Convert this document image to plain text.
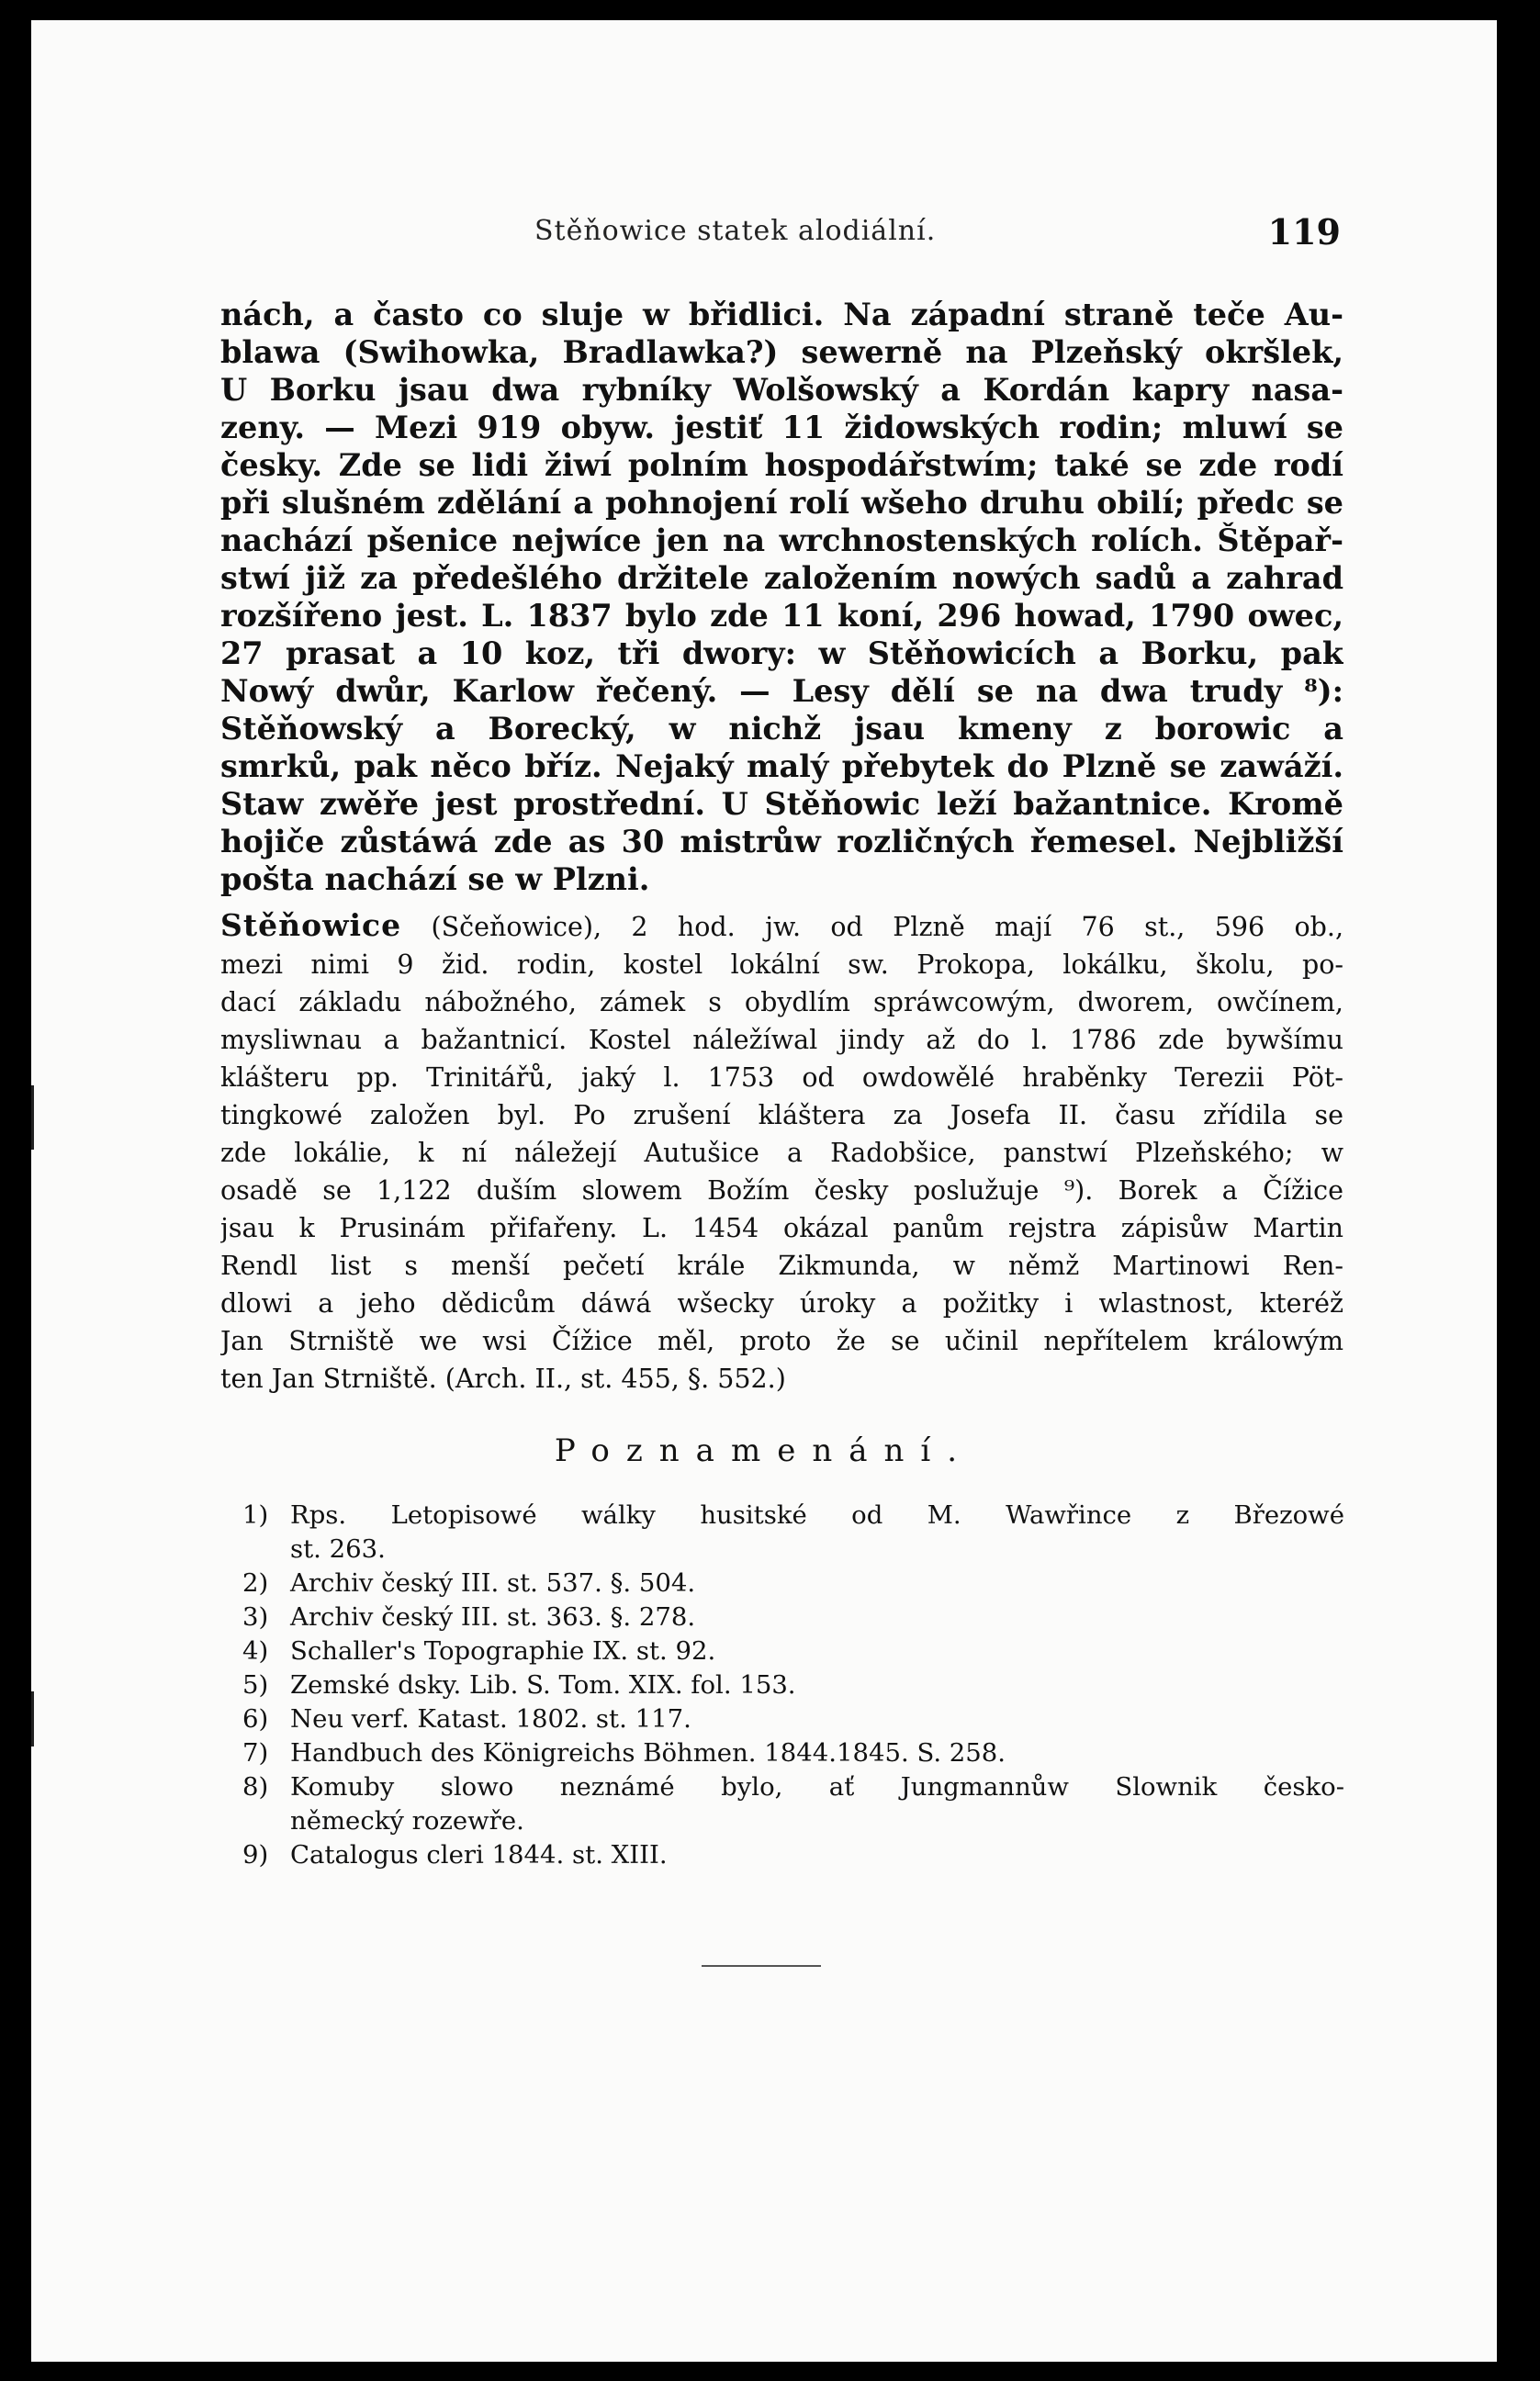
Stěňowice statek alodiální.	119
nách, a často co sluje w břidlici. Na západní straně teče Au-
blawa (Swihowka, Bradlawka?) sewerně na Plzeňský okršlek,
U Borku jsau dwa rybníky Wolšowský a Kordán kapry nasa-
zeny. — Mezi 919 obyw. jestiť 11 židowských rodin; mluwí se
česky. Zde se lidi žiwí polním hospodářstwím; také se zde rodí
při slušném zdělání a pohnojení rolí wšeho druhu obilí; předc se
nachází pšenice nejwíce jen na wrchnostenských rolích. Štěpař-
stwí již za předešlého držitele založením nowých sadů a zahrad
rozšířeno jest. L. 1837 bylo zde 11 koní, 296 howad, 1790 owec,
27 prasat a 10 koz, tři dwory: w Stěňowicích a Borku, pak
Nowý dwůr, Karlow řečený. — Lesy dělí se na dwa trudy ⁸):
Stěňowský a Borecký, w nichž jsau kmeny z borowic a
smrků, pak něco bříz. Nejaký malý přebytek do Plzně se zawáží.
Staw zwěře jest prostřední. U Stěňowic leží bažantnice. Kromě
hojiče zůstáwá zde as 30 mistrůw rozličných řemesel. Nejbližší
pošta nachází se w Plzni.
Stěňowice (Sčeňowice), 2 hod. jw. od Plzně mají 76 st., 596 ob.,
mezi nimi 9 žid. rodin, kostel lokální sw. Prokopa, lokálku, školu, po-
dací základu nábožného, zámek s obydlím spráwcowým, dworem, owčínem,
mysliwnau a bažantnicí. Kostel náležíwal jindy až do l. 1786 zde bywšímu
klášteru pp. Trinitářů, jaký l. 1753 od owdowělé hraběnky Terezii Pöt-
tingkowé založen byl. Po zrušení kláštera za Josefa II. času zřídila se
zde lokálie, k ní náležejí Autušice a Radobšice, panstwí Plzeňského; w
osadě se 1,122 duším slowem Božím česky poslužuje ⁹). Borek a Čížice
jsau k Prusinám přifařeny. L. 1454 okázal panům rejstra zápisůw Martin
Rendl list s menší pečetí krále Zikmunda, w němž Martinowi Ren-
dlowi a jeho dědicům dáwá wšecky úroky a požitky i wlastnost, kteréž
Jan Strniště we wsi Čížice měl, proto že se učinil nepřítelem králowým
ten Jan Strniště. (Arch. II., st. 455, §. 552.)
Poznamenání.
1) Rps. Letopisowé wálky husitské od M. Wawřince z Březowé
st. 263.
2) Archiv český III. st. 537. §. 504.
3) Archiv český III. st. 363. §. 278.
4) Schaller's Topographie IX. st. 92.
5) Zemské dsky. Lib. S. Tom. XIX. fol. 153.
6) Neu verf. Katast. 1802. st. 117.
7) Handbuch des Königreichs Böhmen. 1844.1845. S. 258.
8) Komuby slowo neznámé bylo, ať Jungmannůw Slownik česko-
německý rozewře.
9) Catalogus cleri 1844. st. XIII.
